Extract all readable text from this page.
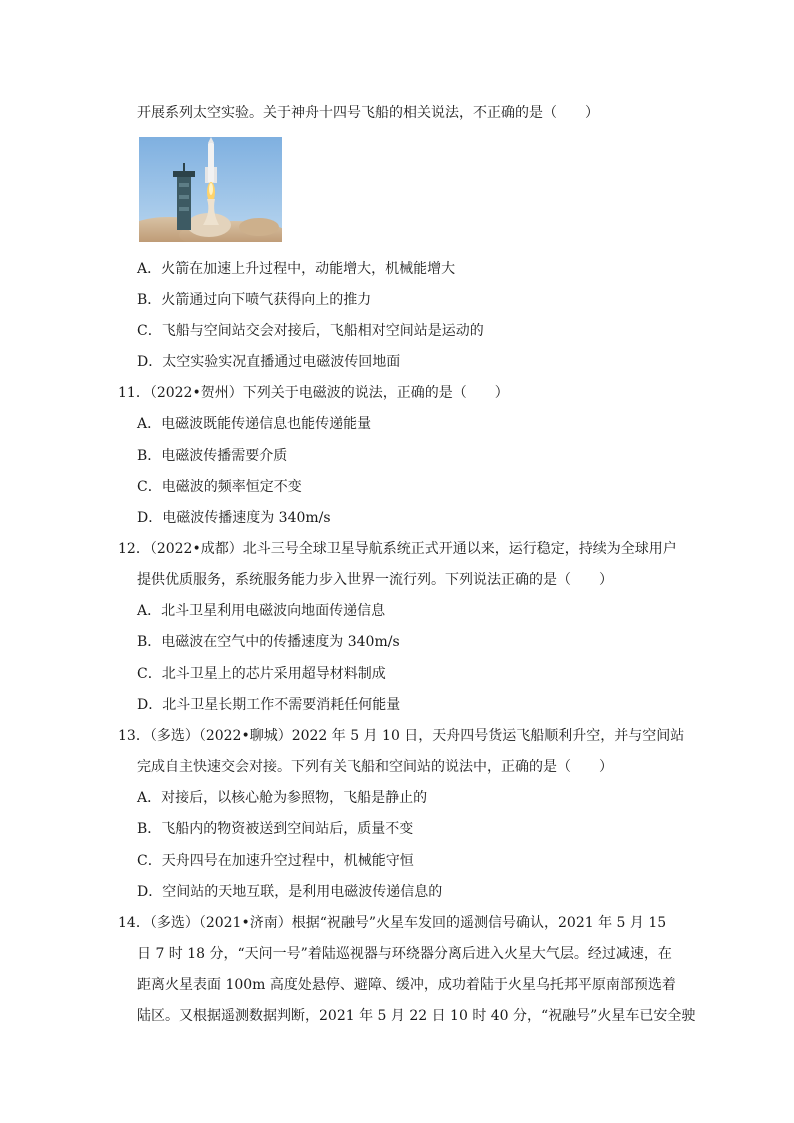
开展系列太空实验。关于神舟十四号飞船的相关说法，不正确的是（　　）
A．火箭在加速上升过程中，动能增大，机械能增大
B．火箭通过向下喷气获得向上的推力
C．飞船与空间站交会对接后，飞船相对空间站是运动的
D．太空实验实况直播通过电磁波传回地面
11．（2022•贺州）下列关于电磁波的说法，正确的是（　　）
A．电磁波既能传递信息也能传递能量
B．电磁波传播需要介质
C．电磁波的频率恒定不变
D．电磁波传播速度为 340m/s
12．（2022•成都）北斗三号全球卫星导航系统正式开通以来，运行稳定，持续为全球用户
提供优质服务，系统服务能力步入世界一流行列。下列说法正确的是（　　）
A．北斗卫星利用电磁波向地面传递信息
B．电磁波在空气中的传播速度为 340m/s
C．北斗卫星上的芯片采用超导材料制成
D．北斗卫星长期工作不需要消耗任何能量
13．（多选）（2022•聊城）2022 年 5 月 10 日，天舟四号货运飞船顺利升空，并与空间站
完成自主快速交会对接。下列有关飞船和空间站的说法中，正确的是（　　）
A．对接后，以核心舱为参照物，飞船是静止的
B．飞船内的物资被送到空间站后，质量不变
C．天舟四号在加速升空过程中，机械能守恒
D．空间站的天地互联，是利用电磁波传递信息的
14．（多选）（2021•济南）根据“祝融号”火星车发回的遥测信号确认，2021 年 5 月 15
日 7 时 18 分，“天问一号”着陆巡视器与环绕器分离后进入火星大气层。经过减速，在
距离火星表面 100m 高度处悬停、避障、缓冲，成功着陆于火星乌托邦平原南部预选着
陆区。又根据遥测数据判断，2021 年 5 月 22 日 10 时 40 分，“祝融号”火星车已安全驶
